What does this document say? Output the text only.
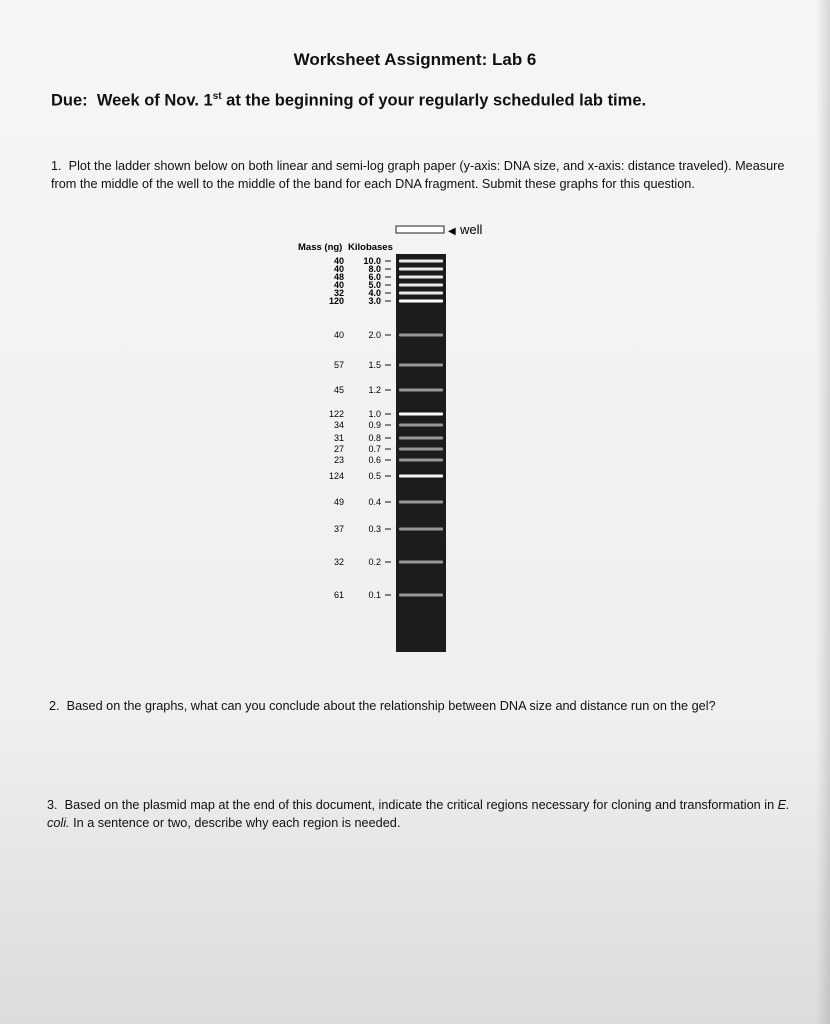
Worksheet Assignment: Lab 6
Due: Week of Nov. 1st at the beginning of your regularly scheduled lab time.
1. Plot the ladder shown below on both linear and semi-log graph paper (y-axis: DNA size, and x-axis: distance traveled). Measure from the middle of the well to the middle of the band for each DNA fragment. Submit these graphs for this question.
◀ well
Mass (ng) Kilobases
40 10.0
40	8.0
48	6.0
40	5.0
32	4.0
120	3.0
40	2.0
57	1.5
45	1.2
122	1.0
34	0.9
31	0.8
27	0.7
23	0.6
124	0.5
49	0.4
37	0.3
32	0.2
61	0.1
2. Based on the graphs, what can you conclude about the relationship between DNA size and distance run on the gel?
3. Based on the plasmid map at the end of this document, indicate the critical regions necessary for cloning and transformation in E. coli. In a sentence or two, describe why each region is needed.
